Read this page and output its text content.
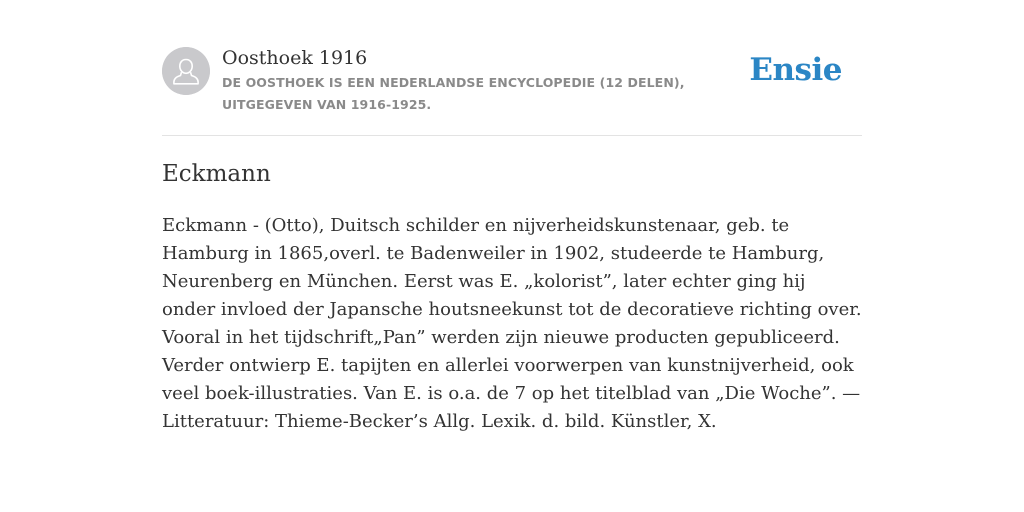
Oosthoek 1916

DE OOSTHOEK IS EEN NEDERLANDSE ENCYCLOPEDIE (12 DELEN), UITGEGEVEN VAN 1916-1925.

Ensie
Eckmann

Eckmann - (Otto), Duitsch schilder en nijverheidskunstenaar, geb. te Hamburg in 1865,overl. te Badenweiler in 1902, studeerde te Hamburg, Neurenberg en München. Eerst was E. „kolorist”, later echter ging hij onder invloed der Japansche houtsneekunst tot de decoratieve richting over. Vooral in het tijdschrift„Pan” werden zijn nieuwe producten gepubliceerd. Verder ontwierp E. tapijten en allerlei voorwerpen van kunstnijverheid, ook veel boek-illustraties. Van E. is o.a. de 7 op het titelblad van „Die Woche”. — Litteratuur: Thieme-Becker’s Allg. Lexik. d. bild. Künstler, X.
